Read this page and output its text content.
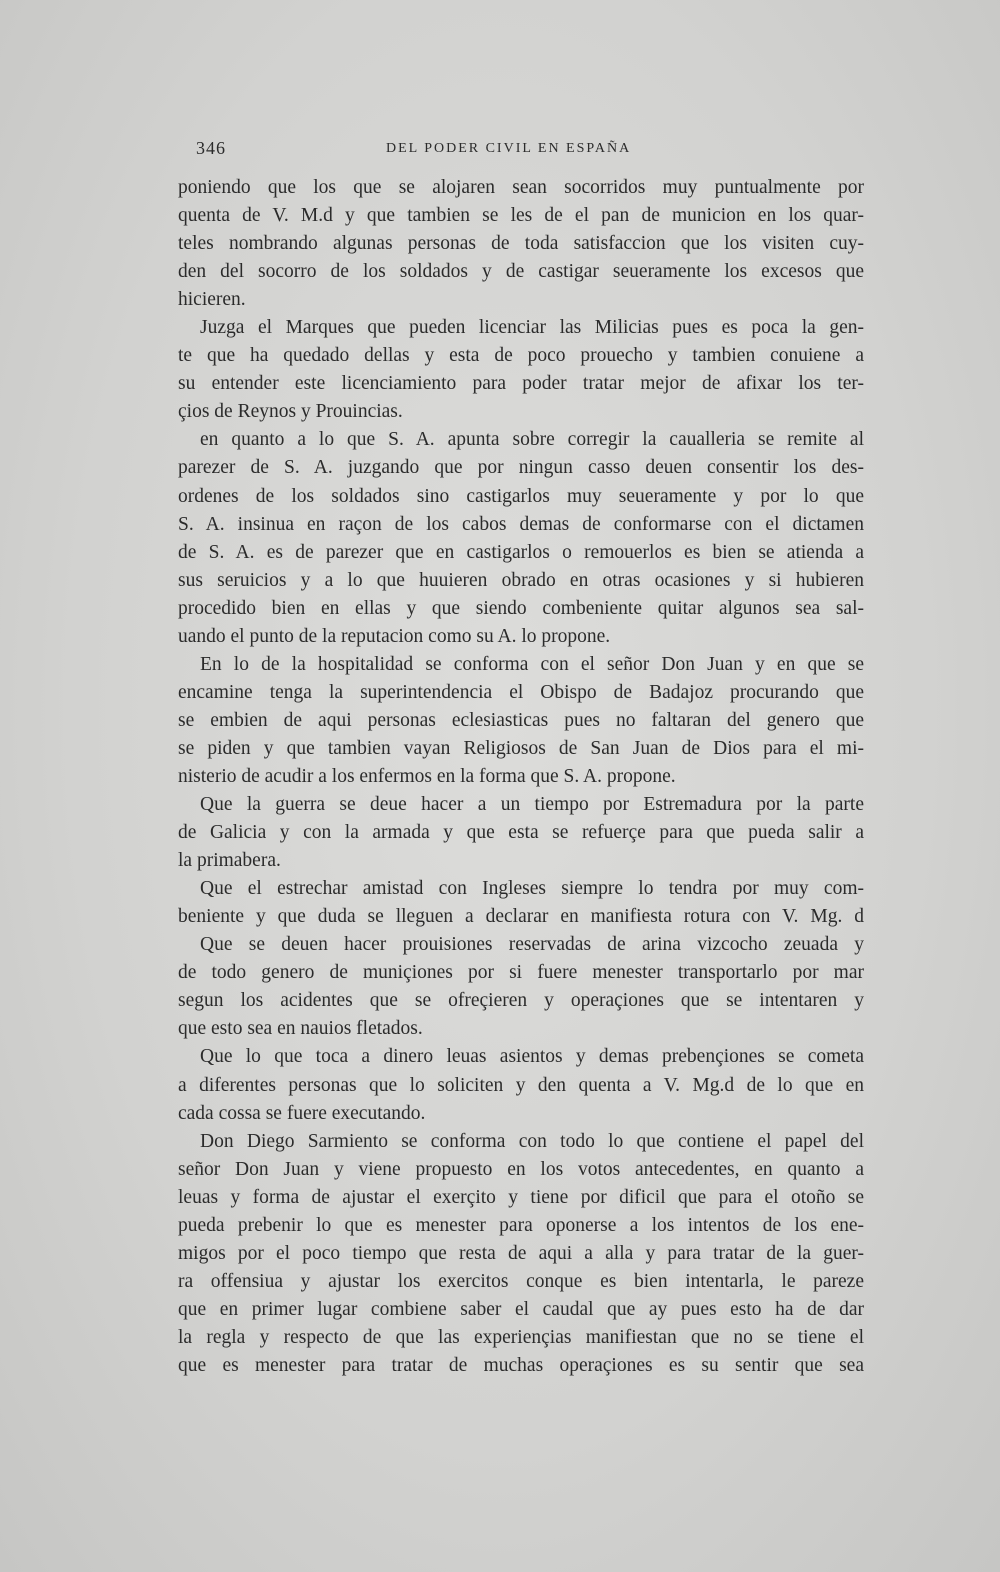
346	DEL PODER CIVIL EN ESPAÑA
poniendo que los que se alojaren sean socorridos muy puntualmente por
quenta de V. M.d y que tambien se les de el pan de municion en los quar-
teles nombrando algunas personas de toda satisfaccion que los visiten cuy-
den del socorro de los soldados y de castigar seueramente los excesos que
hicieren.
Juzga el Marques que pueden licenciar las Milicias pues es poca la gen-
te que ha quedado dellas y esta de poco prouecho y tambien conuiene a
su entender este licenciamiento para poder tratar mejor de afixar los ter-
çios de Reynos y Prouincias.
en quanto a lo que S. A. apunta sobre corregir la caualleria se remite al
parezer de S. A. juzgando que por ningun casso deuen consentir los des-
ordenes de los soldados sino castigarlos muy seueramente y por lo que
S. A. insinua en raçon de los cabos demas de conformarse con el dictamen
de S. A. es de parezer que en castigarlos o remouerlos es bien se atienda a
sus seruicios y a lo que huuieren obrado en otras ocasiones y si hubieren
procedido bien en ellas y que siendo combeniente quitar algunos sea sal-
uando el punto de la reputacion como su A. lo propone.
En lo de la hospitalidad se conforma con el señor Don Juan y en que se
encamine tenga la superintendencia el Obispo de Badajoz procurando que
se embien de aqui personas eclesiasticas pues no faltaran del genero que
se piden y que tambien vayan Religiosos de San Juan de Dios para el mi-
nisterio de acudir a los enfermos en la forma que S. A. propone.
Que la guerra se deue hacer a un tiempo por Estremadura por la parte
de Galicia y con la armada y que esta se refuerçe para que pueda salir a
la primabera.
Que el estrechar amistad con Ingleses siempre lo tendra por muy com-
beniente y que duda se lleguen a declarar en manifiesta rotura con V. Mg. d
Que se deuen hacer prouisiones reservadas de arina vizcocho zeuada y
de todo genero de muniçiones por si fuere menester transportarlo por mar
segun los acidentes que se ofreçieren y operaçiones que se intentaren y
que esto sea en nauios fletados.
Que lo que toca a dinero leuas asientos y demas prebençiones se cometa
a diferentes personas que lo soliciten y den quenta a V. Mg.d de lo que en
cada cossa se fuere executando.
Don Diego Sarmiento se conforma con todo lo que contiene el papel del
señor Don Juan y viene propuesto en los votos antecedentes, en quanto a
leuas y forma de ajustar el exerçito y tiene por dificil que para el otoño se
pueda prebenir lo que es menester para oponerse a los intentos de los ene-
migos por el poco tiempo que resta de aqui a alla y para tratar de la guer-
ra offensiua y ajustar los exercitos conque es bien intentarla, le pareze
que en primer lugar combiene saber el caudal que ay pues esto ha de dar
la regla y respecto de que las experiençias manifiestan que no se tiene el
que es menester para tratar de muchas operaçiones es su sentir que sea
